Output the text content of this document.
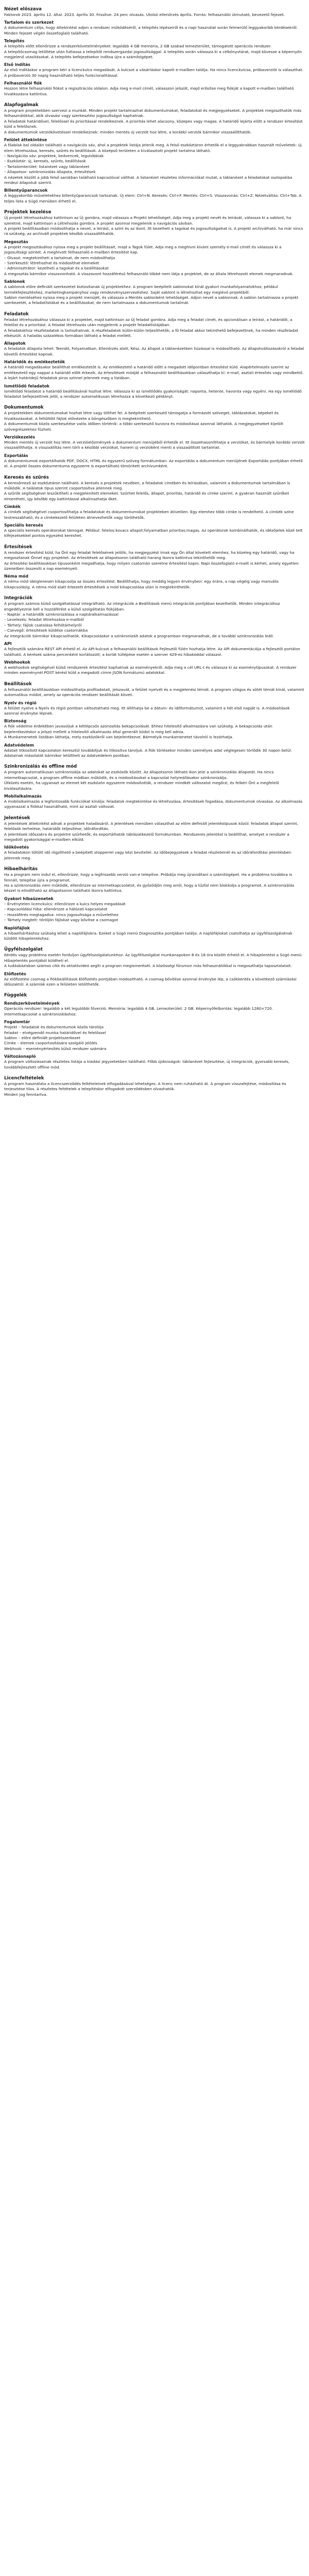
Nézet előszava
Faktorok 2023. április 12. által. 2023. április 30. frissítve. 24 perc olvasás. Utolsó ellenőrzés április. Forrás: felhasználói útmutató, bevezető fejezet.
Tartalom és szerkezet
A dokumentum célja, hogy áttekintést adjon a rendszer működéséről, a telepítés lépéseiről és a napi használat során felmerülő leggyakoribb kérdésekről.
Minden fejezet végén összefoglaló található.
Telepítés
A telepítés előtt ellenőrizze a rendszerkövetelményeket: legalább 4 GB memória, 2 GB szabad lemezterület, támogatott operációs rendszer.
A telepítőcsomag letöltése után futtassa a telepítőt rendszergazdai jogosultsággal. A telepítés során válassza ki a célkönyvtárat, majd kövesse a képernyőn megjelenő utasításokat. A telepítés befejezésekor indítsa újra a számítógépet.
Első indítás
Az első indításkor a program kéri a licenckulcs megadását. A kulcsot a vásárláskor kapott e-mailben találja. Ha nincs licenckulcsa, próbaverziót is választhat.
A próbaverzió 30 napig használható teljes funkcionalitással.
Felhasználói fiók
Hozzon létre felhasználói fiókot a regisztrációs oldalon. Adja meg e-mail címét, válasszon jelszót, majd erősítse meg fiókját a kapott e-mailben található hivatkozásra kattintva.
Alapfogalmak
A program projektekben szervezi a munkát. Minden projekt tartalmazhat dokumentumokat, feladatokat és megjegyzéseket. A projektek megoszthatók más felhasználókkal, akik olvasási vagy szerkesztési jogosultságot kaphatnak.
A feladatok határidővel, felelőssel és prioritással rendelkeznek. A prioritás lehet alacsony, közepes vagy magas. A határidő lejárta előtt a rendszer értesítést küld a felelősnek.
A dokumentumok verziókövetéssel rendelkeznek: minden mentés új verziót hoz létre, a korábbi verziók bármikor visszaállíthatók.
Felület áttekintése
A főablak bal oldalán található a navigációs sáv, ahol a projektek listája jelenik meg. A felső eszköztáron érhetők el a leggyakrabban használt műveletek: új elem létrehozása, keresés, szűrés és beállítások. A középső területen a kiválasztott projekt tartalma látható.
– Navigációs sáv: projektek, kedvencek, legutóbbiak
– Eszköztár: új, keresés, szűrés, beállítások
– Tartalomterület: listanézet vagy táblanézet
– Állapotsor: szinkronizálás állapota, értesítések
A nézetek között a jobb felső sarokban található kapcsolóval válthat. A listanézet részletes információkat mutat, a táblanézet a feladatokat oszlopokba rendezi állapotuk szerint.
Billentyűparancsok
A leggyakoribb műveletekhez billentyűparancsok tartoznak. Új elem: Ctrl+N. Keresés: Ctrl+F. Mentés: Ctrl+S. Visszavonás: Ctrl+Z. Nézetváltás: Ctrl+Tab. A teljes lista a Súgó menüben érhető el.
Projektek kezelése
Új projekt létrehozásához kattintson az Új gombra, majd válassza a Projekt lehetőséget. Adja meg a projekt nevét és leírását, válassza ki a sablont, ha szeretné, majd kattintson a Létrehozás gombra. A projekt azonnal megjelenik a navigációs sávban.
A projekt beállításaiban módosíthatja a nevet, a leírást, a színt és az ikont. Itt kezelheti a tagokat és jogosultságaikat is. A projekt archiválható, ha már nincs rá szükség; az archivált projektek később visszaállíthatók.
Megosztás
A projekt megosztásához nyissa meg a projekt beállításait, majd a Tagok fület. Adja meg a meghívni kívánt személy e-mail címét és válassza ki a jogosultsági szintet. A meghívott felhasználó e-mailben értesítést kap.
– Olvasó: megtekintheti a tartalmat, de nem módosíthatja
– Szerkesztő: létrehozhat és módosíthat elemeket
– Adminisztrátor: kezelheti a tagokat és a beállításokat
A megosztás bármikor visszavonható. A visszavont hozzáférésű felhasználó többé nem látja a projektet, de az általa létrehozott elemek megmaradnak.
Sablonok
A sablonok előre definiált szerkezetet biztosítanak új projektekhez. A program beépített sablonokat kínál gyakori munkafolyamatokhoz, például termékfejlesztéshez, marketingkampányhoz vagy rendezvényszervezéshez. Saját sablont is létrehozhat egy meglévő projektből.
Sablon mentéséhez nyissa meg a projekt menüjét, és válassza a Mentés sablonként lehetőséget. Adjon nevet a sablonnak. A sablon tartalmazza a projekt szerkezetét, a feladatlistákat és a beállításokat, de nem tartalmazza a dokumentumok tartalmát.
Feladatok
Feladat létrehozásához válassza ki a projektet, majd kattintson az Új feladat gombra. Adja meg a feladat címét, és opcionálisan a leírást, a határidőt, a felelőst és a prioritást. A feladat létrehozás után megjelenik a projekt feladatlistájában.
A feladatokhoz részfeladatok is tartozhatnak. A részfeladatok külön-külön teljesíthetők; a fő feladat akkor tekinthető befejezettnek, ha minden részfeladat elkészült. A haladás százalékos formában látható a feladat mellett.
Állapotok
A feladatok állapota lehet: Teendő, Folyamatban, Ellenőrzés alatt, Kész. Az állapot a táblanézetben húzással is módosítható. Az állapotváltozásokról a feladat követői értesítést kapnak.
Határidők és emlékeztetők
A határidő megadásakor beállíthat emlékeztetőt is. Az emlékeztető a határidő előtt a megadott időpontban értesítést küld. Alapértelmezés szerint az emlékeztető egy nappal a határidő előtt érkezik. Az értesítések módját a felhasználói beállításokban választhatja ki: e-mail, asztali értesítés vagy mindkettő.
A lejárt határidejű feladatok piros színnel jelennek meg a listában.
Ismétlődő feladatok
Ismétlődő feladatot a határidő beállításánál hozhat létre. Válassza ki az ismétlődés gyakoriságát: naponta, hetente, havonta vagy egyéni. Ha egy ismétlődő feladatot befejezettnek jelöl, a rendszer automatikusan létrehozza a következő példányt.
Dokumentumok
A projektekben dokumentumokat hozhat létre vagy tölthet fel. A beépített szerkesztő támogatja a formázott szöveget, táblázatokat, képeket és hivatkozásokat. A feltöltött fájlok előnézete a böngészőben is megtekinthető.
A dokumentumok közös szerkesztése valós időben történik: a többi szerkesztő kurzora és módosításai azonnal láthatók. A megjegyzéseket kijelölt szövegrészekhez fűzheti.
Verziókezelés
Minden mentés új verziót hoz létre. A verzióelőzmények a dokumentum menüjéből érhetők el. Itt összehasonlíthatja a verziókat, és bármelyik korábbi verziót visszaállíthatja. A visszaállítás nem törli a későbbi verziókat, hanem új verzióként menti a visszaállított tartalmat.
Exportálás
A dokumentumok exportálhatók PDF, DOCX, HTML és egyszerű szöveg formátumban. Az exportálás a dokumentum menüjének Exportálás pontjában érhető el. A projekt összes dokumentuma egyszerre is exportálható tömörített archívumként.
Keresés és szűrés
A keresőmező az eszköztáron található. A keresés a projektek nevében, a feladatok címében és leírásában, valamint a dokumentumok tartalmában is működik. A találatok típus szerint csoportosítva jelennek meg.
A szűrők segítségével leszűkítheti a megjelenített elemeket. Szűrhet felelős, állapot, prioritás, határidő és címke szerint. A gyakran használt szűrőket elmentheti, így később egy kattintással alkalmazhatja őket.
Címkék
A címkék segítségével csoportosíthatja a feladatokat és dokumentumokat projekteken átívelően. Egy elemhez több címke is rendelhető. A címkék színe testreszabható, és a címkekezelő felületen átnevezhetők vagy törölhetők.
Speciális keresés
A speciális keresés operátorokat támogat. Például: felelos:kovacs allapot:folyamatban prioritas:magas. Az operátorok kombinálhatók, és idézőjelek közé tett kifejezésekkel pontos egyezést kereshet.
Értesítések
A rendszer értesítést küld, ha Önt egy feladat felelősének jelölik, ha megjegyzést írnak egy Ön által követett elemhez, ha közeleg egy határidő, vagy ha megosztanak Önnel egy projektet. Az értesítések az állapotsoron található harang ikonra kattintva tekinthetők meg.
Az értesítési beállításokban típusonként megadhatja, hogy milyen csatornán szeretne értesítést kapni. Napi összefoglaló e-mailt is kérhet, amely egyetlen üzenetben összesíti a nap eseményeit.
Néma mód
A néma mód ideiglenesen kikapcsolja az összes értesítést. Beállíthatja, hogy meddig legyen érvényben: egy órára, a nap végéig vagy manuális kikapcsolásig. A néma mód alatt érkezett értesítések a mód kikapcsolása után is megtekinthetők.
Integrációk
A program számos külső szolgáltatással integrálható. Az integrációk a Beállítások menü Integrációk pontjában kezelhetők. Minden integrációhoz engedélyeznie kell a hozzáférést a külső szolgáltatás fiókjában.
– Naptár: a határidők szinkronizálása a naptáralkalmazással
– Levelezés: feladat létrehozása e-mailből
– Tárhely: fájlok csatolása felhőtárhelyről
– Csevegő: értesítések küldése csatornákba
Az integrációk bármikor kikapcsolhatók. Kikapcsoláskor a szinkronizált adatok a programban megmaradnak, de a további szinkronizálás leáll.
API
A fejlesztők számára REST API érhető el. Az API-kulcsot a felhasználói beállítások Fejlesztői fülén hozhatja létre. Az API dokumentációja a fejlesztői portálon található. A kérések száma percenként korlátozott; a korlát túllépése esetén a szerver 429-es hibakóddal válaszol.
Webhookok
A webhookok segítségével külső rendszerek értesítést kaphatnak az eseményekről. Adja meg a cél URL-t és válassza ki az eseménytípusokat. A rendszer minden eseménynél POST kérést küld a megadott címre JSON formátumú adatokkal.
Beállítások
A felhasználói beállításokban módosíthatja profiladatait, jelszavát, a felület nyelvét és a megjelenési témát. A program világos és sötét témát kínál, valamint automatikus módot, amely az operációs rendszer beállítását követi.
Nyelv és régió
A felület nyelve a Nyelv és régió pontban változtatható meg. Itt állíthatja be a dátum- és időformátumot, valamint a hét első napját is. A módosítások azonnal érvénybe lépnek.
Biztonság
A fiók védelme érdekében javasoljuk a kétlépcsős azonosítás bekapcsolását. Ehhez hitelesítő alkalmazásra van szükség. A bekapcsolás után bejelentkezéskor a jelszó mellett a hitelesítő alkalmazás által generált kódot is meg kell adnia.
A Munkamenetek listában láthatja, mely eszközökről van bejelentkezve. Bármelyik munkamenetet távolról is lezárhatja.
Adatvédelem
Adatait titkosított kapcsolaton keresztül továbbítjuk és titkosítva tároljuk. A fiók törlésekor minden személyes adat véglegesen törlődik 30 napon belül. Adatainak másolatát bármikor letöltheti az Adatvédelem pontban.
Szinkronizálás és offline mód
A program automatikusan szinkronizálja az adatokat az eszközök között. Az állapotsoron látható ikon jelzi a szinkronizálás állapotát. Ha nincs internetkapcsolat, a program offline módban működik, és a módosításokat a kapcsolat helyreállásakor szinkronizálja.
Ütközés esetén, ha ugyanazt az elemet két eszközön egyszerre módosították, a rendszer mindkét változatot megőrzi, és felkéri Önt a megfelelő kiválasztására.
Mobilalkalmazás
A mobilalkalmazás a legfontosabb funkciókat kínálja: feladatok megtekintése és létrehozása, értesítések fogadása, dokumentumok olvasása. Az alkalmazás ugyanazzal a fiókkal használható, mint az asztali változat.
Jelentések
A jelentések áttekintést adnak a projektek haladásáról. A Jelentések menüben választhat az előre definiált jelentéstípusok közül: feladatok állapot szerint, felelősök terhelése, határidők teljesítése, időráfordítás.
A jelentések időszakra és projektre szűrhetők, és exportálhatók táblázatkezelő formátumban. Rendszeres jelentést is beállíthat, amelyet a rendszer a megadott gyakorisággal e-mailben elküld.
Időkövetés
A feladatokon töltött idő rögzíthető a beépített stopperrel vagy kézi bevitellel. Az időbejegyzések a feladat részleteinél és az időráfordítási jelentésben jelennek meg.
Hibaelhárítás
Ha a program nem indul el, ellenőrizze, hogy a legfrissebb verzió van-e telepítve. Próbálja meg újraindítani a számítógépet. Ha a probléma továbbra is fennáll, telepítse újra a programot.
Ha a szinkronizálás nem működik, ellenőrizze az internetkapcsolatot, és győződjön meg arról, hogy a tűzfal nem blokkolja a programot. A szinkronizálás kézzel is elindítható az állapotsoron található ikonra kattintva.
Gyakori hibaüzenetek
– Érvénytelen licenckulcs: ellenőrizze a kulcs helyes megadását
– Kapcsolódási hiba: ellenőrizze a hálózati kapcsolatot
– Hozzáférés megtagadva: nincs jogosultsága a művelethez
– Tárhely megtelt: töröljön fájlokat vagy bővítse a csomagot
Naplófájlok
A hibaelhárításhoz szükség lehet a naplófájlokra. Ezeket a Súgó menü Diagnosztika pontjában találja. A naplófájlokat csatolhatja az ügyfélszolgálatnak küldött hibajelentéshez.
Ügyfélszolgálat
Kérdés vagy probléma esetén forduljon ügyfélszolgálatunkhoz. Az ügyfélszolgálat munkanapokon 8 és 18 óra között érhető el. A hibajelentést a Súgó menü Hibajelentés pontjából küldheti el.
A tudásbázisban számos cikk és oktatóvideó segíti a program megismerését. A közösségi fórumon más felhasználókkal is megoszthatja tapasztalatait.
Előfizetés
Az előfizetési csomag a fiókbeállítások Előfizetés pontjában módosítható. A csomag bővítése azonnal érvénybe lép, a csökkentés a következő számlázási időszaktól. A számlák ezen a felületen letölthetők.
Függelék
Rendszerkövetelmények
Operációs rendszer: legalább a két legutóbbi főverzió. Memória: legalább 4 GB. Lemezterület: 2 GB. Képernyőfelbontás: legalább 1280×720. Internetkapcsolat a szinkronizáláshoz.
Fogalomtár
Projekt – feladatok és dokumentumok közös tárolója
Feladat – elvégzendő munka határidővel és felelőssel
Sablon – előre definiált projektszerkezet
Címke – elemek csoportosítására szolgáló jelölés
Webhook – eseményértesítés külső rendszer számára
Változásnapló
A program változásainak részletes listája a kiadási jegyzetekben található. Főbb újdonságok: táblanézet fejlesztése, új integrációk, gyorsabb keresés, továbbfejlesztett offline mód.
Licencfeltételek
A program használata a licencszerződés feltételeinek elfogadásával lehetséges. A licenc nem ruházható át. A program visszafejtése, módosítása és terjesztése tilos. A részletes feltételek a telepítéskor elfogadott szerződésben olvashatók.
Minden jog fenntartva.
